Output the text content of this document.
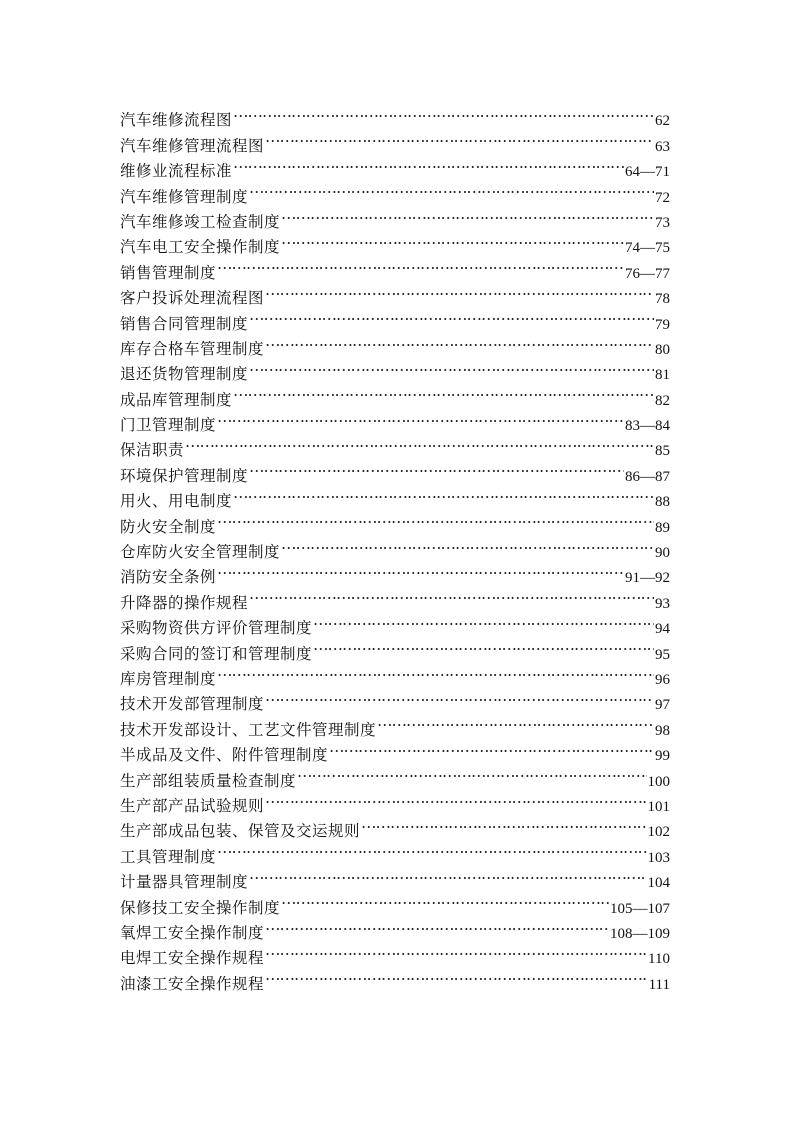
汽车维修流程图 ………………………………………………………………………………………………………………	62
汽车维修管理流程图 ………………………………………………………………………………………………………………	63
维修业流程标准 ………………………………………………………………………………………………………………	64—71
汽车维修管理制度 ………………………………………………………………………………………………………………	72
汽车维修竣工检查制度 ………………………………………………………………………………………………………………	73
汽车电工安全操作制度 ………………………………………………………………………………………………………………	74—75
销售管理制度 ………………………………………………………………………………………………………………	76—77
客户投诉处理流程图 ………………………………………………………………………………………………………………	78
销售合同管理制度 ………………………………………………………………………………………………………………	79
库存合格车管理制度 ………………………………………………………………………………………………………………	80
退还货物管理制度 ………………………………………………………………………………………………………………	81
成品库管理制度 ………………………………………………………………………………………………………………	82
门卫管理制度 ………………………………………………………………………………………………………………	83—84
保洁职责 ………………………………………………………………………………………………………………	85
环境保护管理制度 ………………………………………………………………………………………………………………	86—87
用火、用电制度 ………………………………………………………………………………………………………………	88
防火安全制度 ………………………………………………………………………………………………………………	89
仓库防火安全管理制度 ………………………………………………………………………………………………………………	90
消防安全条例 ………………………………………………………………………………………………………………	91—92
升降器的操作规程 ………………………………………………………………………………………………………………	93
采购物资供方评价管理制度 ………………………………………………………………………………………………………………	94
采购合同的签订和管理制度 ………………………………………………………………………………………………………………	95
库房管理制度 ………………………………………………………………………………………………………………	96
技术开发部管理制度 ………………………………………………………………………………………………………………	97
技术开发部设计、工艺文件管理制度 ………………………………………………………………………………………………………………	98
半成品及文件、附件管理制度 ………………………………………………………………………………………………………………	99
生产部组装质量检查制度 ………………………………………………………………………………………………………………	100
生产部产品试验规则 ………………………………………………………………………………………………………………	101
生产部成品包装、保管及交运规则 ………………………………………………………………………………………………………………	102
工具管理制度 ………………………………………………………………………………………………………………	103
计量器具管理制度 ………………………………………………………………………………………………………………	104
保修技工安全操作制度 ………………………………………………………………………………………………………………	105—107
氧焊工安全操作制度 ………………………………………………………………………………………………………………	108—109
电焊工安全操作规程 ………………………………………………………………………………………………………………	110
油漆工安全操作规程 ………………………………………………………………………………………………………………	111
